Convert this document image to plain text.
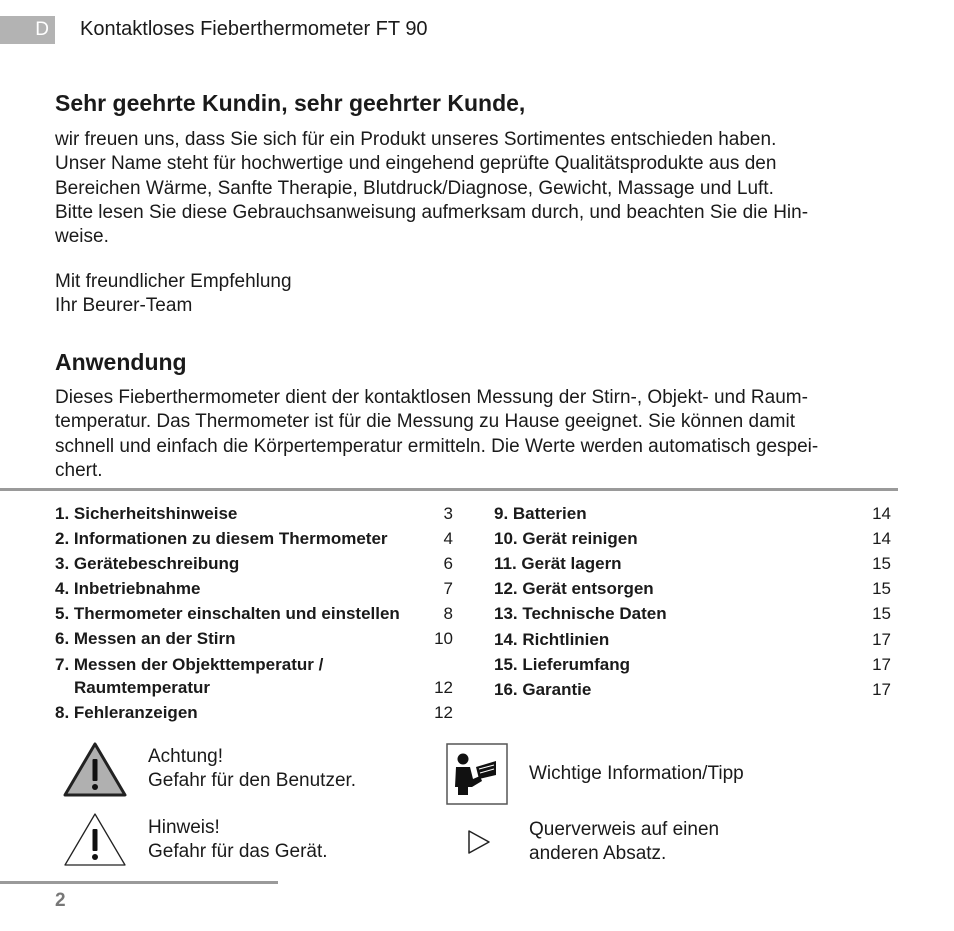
D	Kontaktloses Fieberthermometer FT 90
Sehr geehrte Kundin, sehr geehrter Kunde,

wir freuen uns, dass Sie sich für ein Produkt unseres Sortimentes entschieden haben.
Unser Name steht für hochwertige und eingehend geprüfte Qualitätsprodukte aus den
Bereichen Wärme, Sanfte Therapie, Blutdruck/Diagnose, Gewicht, Massage und Luft.
Bitte lesen Sie diese Gebrauchsanweisung aufmerksam durch, und beachten Sie die Hin-
weise.

Mit freundlicher Empfehlung
Ihr Beurer-Team

Anwendung

Dieses Fieberthermometer dient der kontaktlosen Messung der Stirn-, Objekt- und Raum-
temperatur. Das Thermometer ist für die Messung zu Hause geeignet. Sie können damit
schnell und einfach die Körpertemperatur ermitteln. Die Werte werden automatisch gespei-
chert.

1. Sicherheitshinweise	3
2. Informationen zu diesem Thermometer	4
3. Gerätebeschreibung	6
4. Inbetriebnahme	7
5. Thermometer einschalten und einstellen	8
6. Messen an der Stirn	10
7. Messen der Objekttemperatur /
Raumtemperatur	12
8. Fehleranzeigen	12
9. Batterien	14
10. Gerät reinigen	14
11. Gerät lagern	15
12. Gerät entsorgen	15
13. Technische Daten	15
14. Richtlinien	17
15. Lieferumfang	17
16. Garantie	17
Achtung!
Gefahr für den Benutzer.
Hinweis!
Gefahr für das Gerät.
Wichtige Information/Tipp
Querverweis auf einen
anderen Absatz.
2
